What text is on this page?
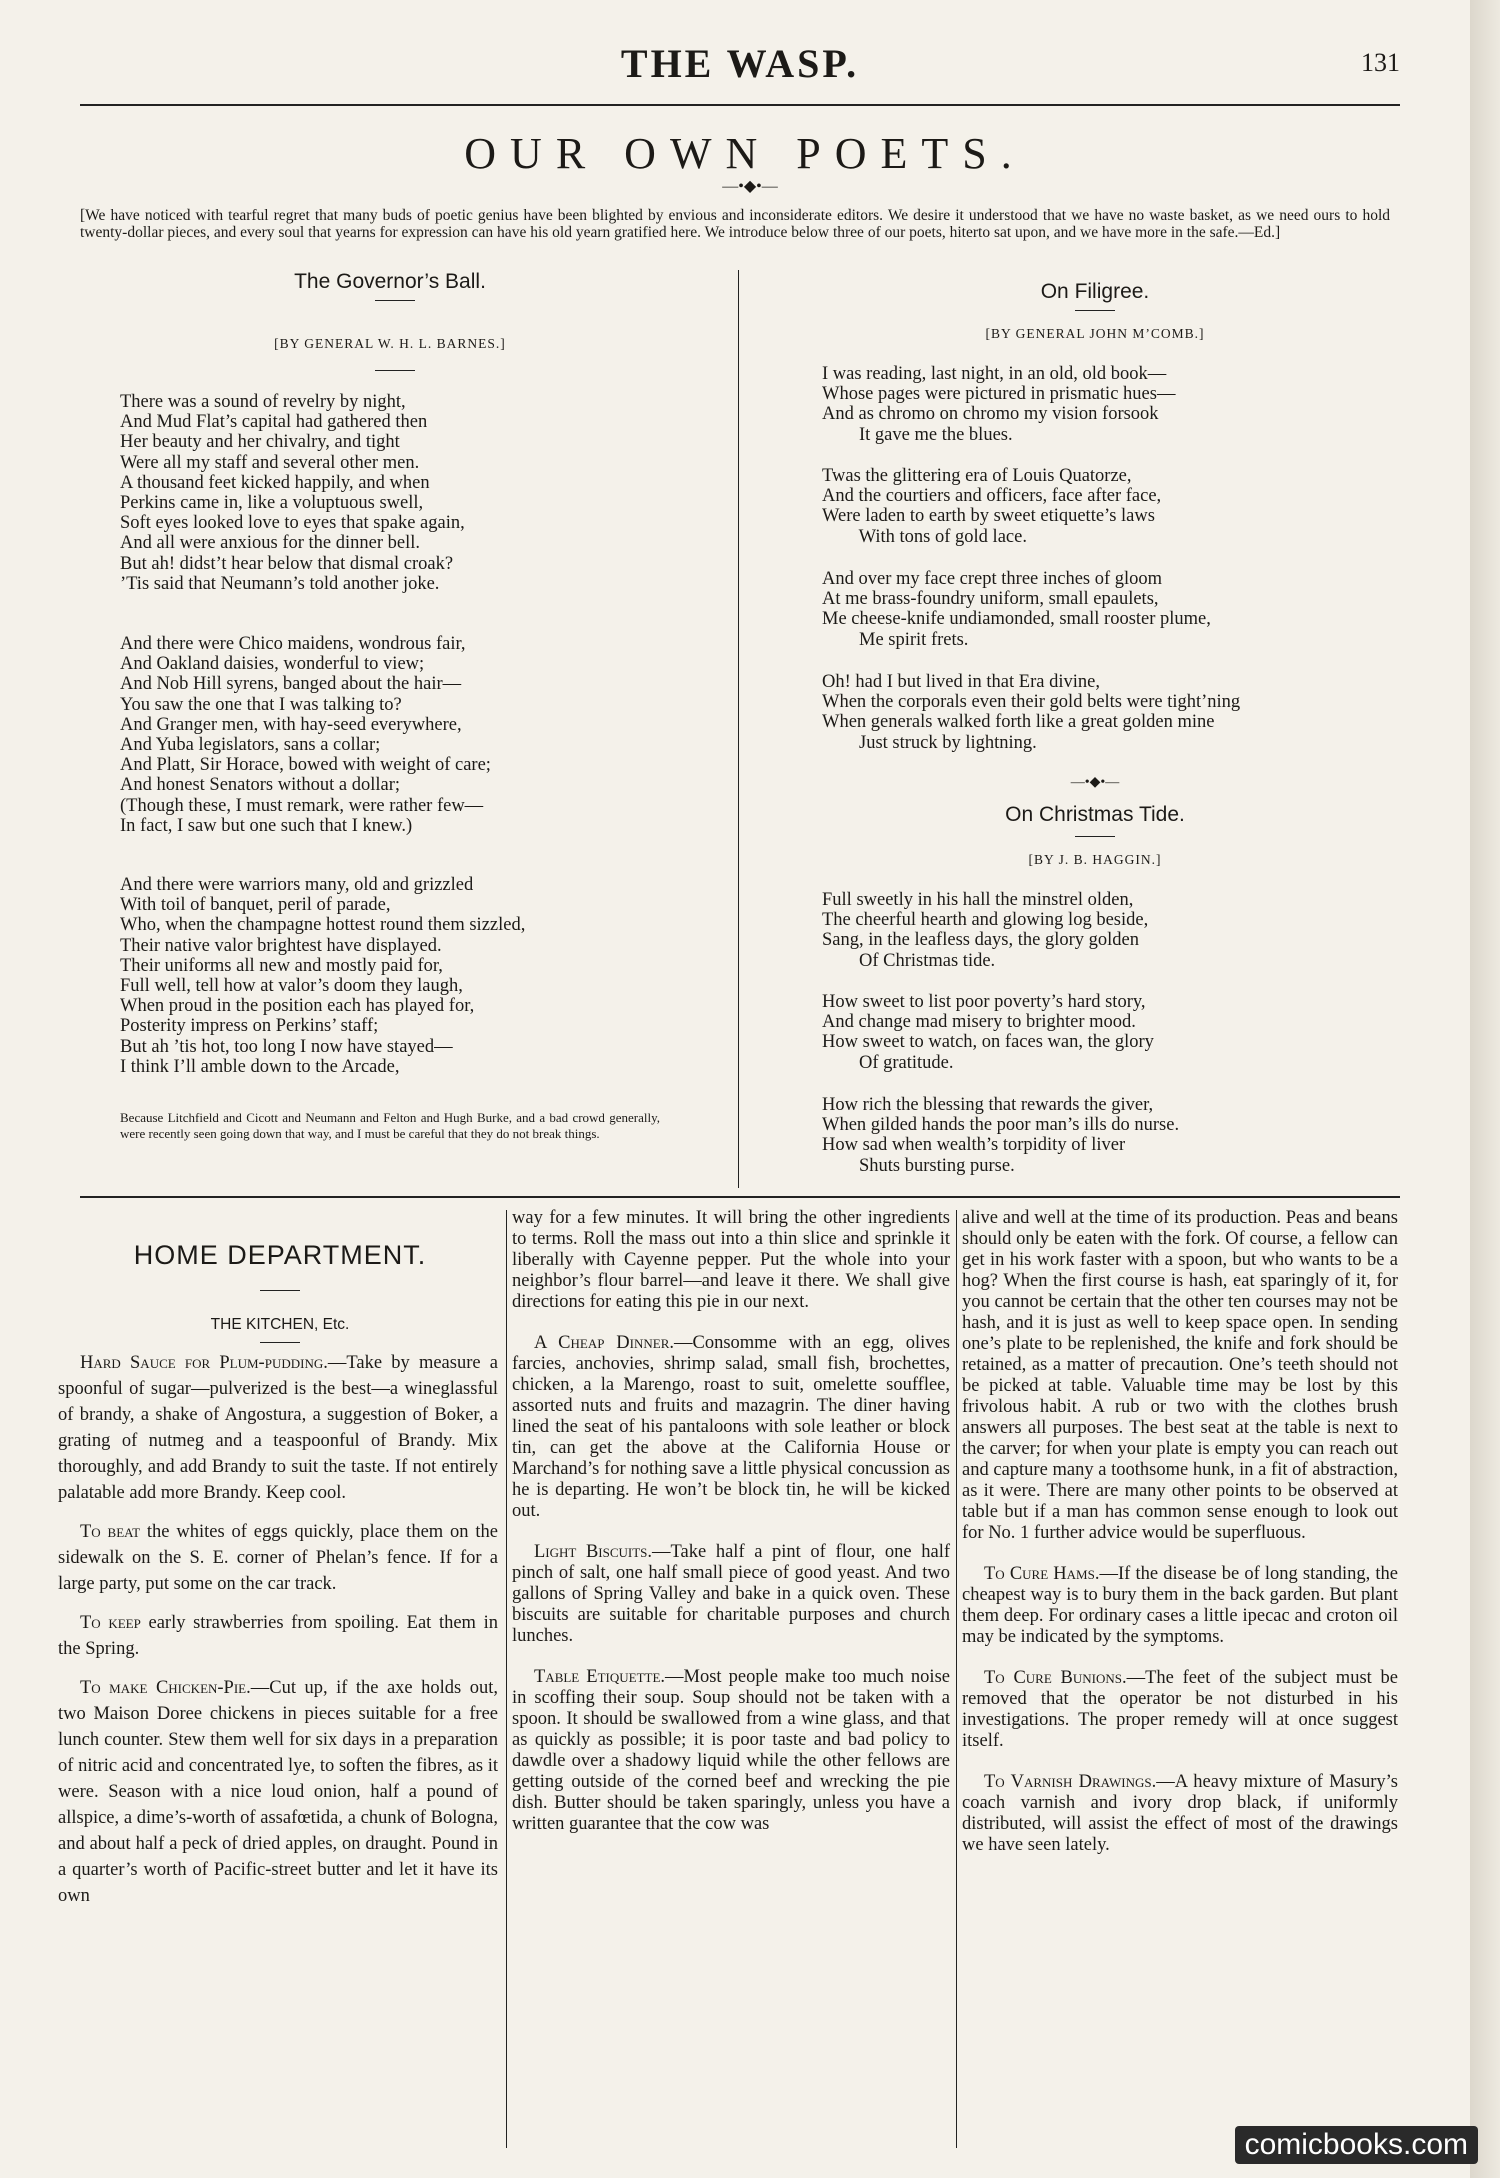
THE WASP.	131
OUR OWN POETS.
—•◆•—
[We have noticed with tearful regret that many buds of poetic genius have been blighted by envious and inconsiderate editors. We desire it understood that we have no waste basket, as we need ours to hold twenty-dollar pieces, and every soul that yearns for expression can have his old yearn gratified here. We introduce below three of our poets, hiterto sat upon, and we have more in the safe.—Ed.]
The Governor’s Ball.
[BY GENERAL W. H. L. BARNES.]
There was a sound of revelry by night,
And Mud Flat’s capital had gathered then
Her beauty and her chivalry, and tight
Were all my staff and several other men.
A thousand feet kicked happily, and when
Perkins came in, like a voluptuous swell,
Soft eyes looked love to eyes that spake again,
And all were anxious for the dinner bell.
But ah! didst’t hear below that dismal croak?
’Tis said that Neumann’s told another joke.
And there were Chico maidens, wondrous fair,
And Oakland daisies, wonderful to view;
And Nob Hill syrens, banged about the hair—
You saw the one that I was talking to?
And Granger men, with hay-seed everywhere,
And Yuba legislators, sans a collar;
And Platt, Sir Horace, bowed with weight of care;
And honest Senators without a dollar;
(Though these, I must remark, were rather few—
In fact, I saw but one such that I knew.)
And there were warriors many, old and grizzled
With toil of banquet, peril of parade,
Who, when the champagne hottest round them sizzled,
Their native valor brightest have displayed.
Their uniforms all new and mostly paid for,
Full well, tell how at valor’s doom they laugh,
When proud in the position each has played for,
Posterity impress on Perkins’ staff;
But ah ’tis hot, too long I now have stayed—
I think I’ll amble down to the Arcade,
Because Litchfield and Cicott and Neumann and Felton and Hugh Burke, and a bad crowd generally, were recently seen going down that way, and I must be careful that they do not break things.
On Filigree.
[BY GENERAL JOHN M’COMB.]
I was reading, last night, in an old, old book—
Whose pages were pictured in prismatic hues—
And as chromo on chromo my vision forsook
It gave me the blues.
Twas the glittering era of Louis Quatorze,
And the courtiers and officers, face after face,
Were laden to earth by sweet etiquette’s laws
With tons of gold lace.
And over my face crept three inches of gloom
At me brass-foundry uniform, small epaulets,
Me cheese-knife undiamonded, small rooster plume,
Me spirit frets.
Oh! had I but lived in that Era divine,
When the corporals even their gold belts were tight’ning
When generals walked forth like a great golden mine
Just struck by lightning.
—•◆•—
On Christmas Tide.
[BY J. B. HAGGIN.]
Full sweetly in his hall the minstrel olden,
The cheerful hearth and glowing log beside,
Sang, in the leafless days, the glory golden
Of Christmas tide.
How sweet to list poor poverty’s hard story,
And change mad misery to brighter mood.
How sweet to watch, on faces wan, the glory
Of gratitude.
How rich the blessing that rewards the giver,
When gilded hands the poor man’s ills do nurse.
How sad when wealth’s torpidity of liver
Shuts bursting purse.
HOME DEPARTMENT.
THE KITCHEN, Etc.

Hard Sauce for Plum-pudding.—Take by measure a spoonful of sugar—pulverized is the best—a wineglassful of brandy, a shake of Angostura, a suggestion of Boker, a grating of nutmeg and a teaspoonful of Brandy. Mix thoroughly, and add Brandy to suit the taste. If not entirely palatable add more Brandy. Keep cool.

To beat the whites of eggs quickly, place them on the sidewalk on the S. E. corner of Phelan’s fence. If for a large party, put some on the car track.

To keep early strawberries from spoiling. Eat them in the Spring.

To make Chicken-Pie.—Cut up, if the axe holds out, two Maison Doree chickens in pieces suitable for a free lunch counter. Stew them well for six days in a preparation of nitric acid and concentrated lye, to soften the fibres, as it were. Season with a nice loud onion, half a pound of allspice, a dime’s-worth of assafœtida, a chunk of Bologna, and about half a peck of dried apples, on draught. Pound in a quarter’s worth of Pacific-street butter and let it have its own

way for a few minutes. It will bring the other ingredients to terms. Roll the mass out into a thin slice and sprinkle it liberally with Cayenne pepper. Put the whole into your neighbor’s flour barrel—and leave it there. We shall give directions for eating this pie in our next.

A Cheap Dinner.—Consomme with an egg, olives farcies, anchovies, shrimp salad, small fish, brochettes, chicken, a la Marengo, roast to suit, omelette soufflee, assorted nuts and fruits and mazagrin. The diner having lined the seat of his pantaloons with sole leather or block tin, can get the above at the California House or Marchand’s for nothing save a little physical concussion as he is departing. He won’t be block tin, he will be kicked out.

Light Biscuits.—Take half a pint of flour, one half pinch of salt, one half small piece of good yeast. And two gallons of Spring Valley and bake in a quick oven. These biscuits are suitable for charitable purposes and church lunches.

Table Etiquette.—Most people make too much noise in scoffing their soup. Soup should not be taken with a spoon. It should be swallowed from a wine glass, and that as quickly as possible; it is poor taste and bad policy to dawdle over a shadowy liquid while the other fellows are getting outside of the corned beef and wrecking the pie dish. Butter should be taken sparingly, unless you have a written guarantee that the cow was

alive and well at the time of its production. Peas and beans should only be eaten with the fork. Of course, a fellow can get in his work faster with a spoon, but who wants to be a hog? When the first course is hash, eat sparingly of it, for you cannot be certain that the other ten courses may not be hash, and it is just as well to keep space open. In sending one’s plate to be replenished, the knife and fork should be retained, as a matter of precaution. One’s teeth should not be picked at table. Valuable time may be lost by this frivolous habit. A rub or two with the clothes brush answers all purposes. The best seat at the table is next to the carver; for when your plate is empty you can reach out and capture many a toothsome hunk, in a fit of abstraction, as it were. There are many other points to be observed at table but if a man has common sense enough to look out for No. 1 further advice would be superfluous.

To Cure Hams.—If the disease be of long standing, the cheapest way is to bury them in the back garden. But plant them deep. For ordinary cases a little ipecac and croton oil may be indicated by the symptoms.

To Cure Bunions.—The feet of the subject must be removed that the operator be not disturbed in his investigations. The proper remedy will at once suggest itself.

To Varnish Drawings.—A heavy mixture of Masury’s coach varnish and ivory drop black, if uniformly distributed, will assist the effect of most of the drawings we have seen lately.

comicbooks.com
